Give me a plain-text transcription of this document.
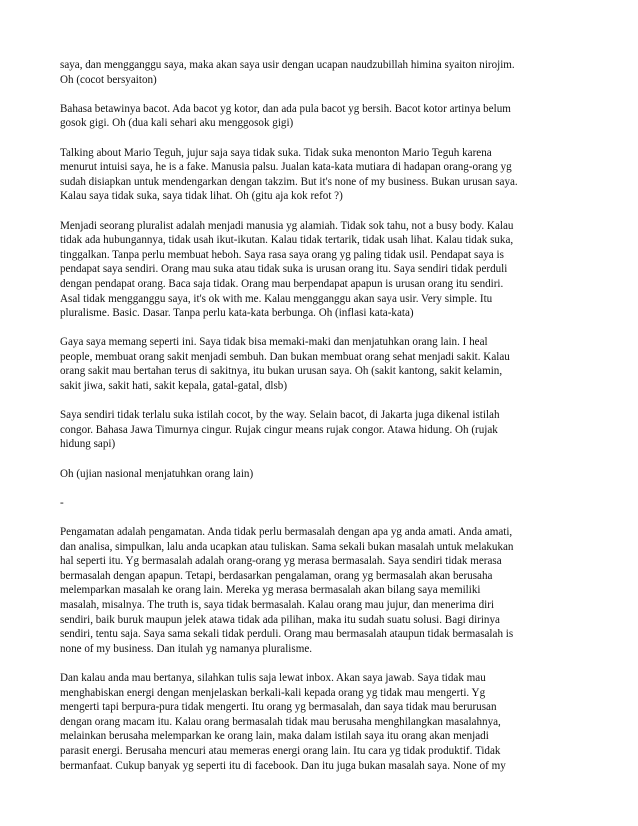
saya, dan mengganggu saya, maka akan saya usir dengan ucapan naudzubillah himina syaiton nirojim.
Oh (cocot bersyaiton)

Bahasa betawinya bacot. Ada bacot yg kotor, dan ada pula bacot yg bersih. Bacot kotor artinya belum
gosok gigi. Oh (dua kali sehari aku menggosok gigi)

Talking about Mario Teguh, jujur saja saya tidak suka. Tidak suka menonton Mario Teguh karena
menurut intuisi saya, he is a fake. Manusia palsu. Jualan kata-kata mutiara di hadapan orang-orang yg
sudah disiapkan untuk mendengarkan dengan takzim. But it's none of my business. Bukan urusan saya.
Kalau saya tidak suka, saya tidak lihat. Oh (gitu aja kok refot ?)

Menjadi seorang pluralist adalah menjadi manusia yg alamiah. Tidak sok tahu, not a busy body. Kalau
tidak ada hubungannya, tidak usah ikut-ikutan. Kalau tidak tertarik, tidak usah lihat. Kalau tidak suka,
tinggalkan. Tanpa perlu membuat heboh. Saya rasa saya orang yg paling tidak usil. Pendapat saya is
pendapat saya sendiri. Orang mau suka atau tidak suka is urusan orang itu. Saya sendiri tidak perduli
dengan pendapat orang. Baca saja tidak. Orang mau berpendapat apapun is urusan orang itu sendiri.
Asal tidak mengganggu saya, it's ok with me. Kalau mengganggu akan saya usir. Very simple. Itu
pluralisme. Basic. Dasar. Tanpa perlu kata-kata berbunga. Oh (inflasi kata-kata)

Gaya saya memang seperti ini. Saya tidak bisa memaki-maki dan menjatuhkan orang lain. I heal
people, membuat orang sakit menjadi sembuh. Dan bukan membuat orang sehat menjadi sakit. Kalau
orang sakit mau bertahan terus di sakitnya, itu bukan urusan saya. Oh (sakit kantong, sakit kelamin,
sakit jiwa, sakit hati, sakit kepala, gatal-gatal, dlsb)

Saya sendiri tidak terlalu suka istilah cocot, by the way. Selain bacot, di Jakarta juga dikenal istilah
congor. Bahasa Jawa Timurnya cingur. Rujak cingur means rujak congor. Atawa hidung. Oh (rujak
hidung sapi)

Oh (ujian nasional menjatuhkan orang lain)

-

Pengamatan adalah pengamatan. Anda tidak perlu bermasalah dengan apa yg anda amati. Anda amati,
dan analisa, simpulkan, lalu anda ucapkan atau tuliskan. Sama sekali bukan masalah untuk melakukan
hal seperti itu. Yg bermasalah adalah orang-orang yg merasa bermasalah. Saya sendiri tidak merasa
bermasalah dengan apapun. Tetapi, berdasarkan pengalaman, orang yg bermasalah akan berusaha
melemparkan masalah ke orang lain. Mereka yg merasa bermasalah akan bilang saya memiliki
masalah, misalnya. The truth is, saya tidak bermasalah. Kalau orang mau jujur, dan menerima diri
sendiri, baik buruk maupun jelek atawa tidak ada pilihan, maka itu sudah suatu solusi. Bagi dirinya
sendiri, tentu saja. Saya sama sekali tidak perduli. Orang mau bermasalah ataupun tidak bermasalah is
none of my business. Dan itulah yg namanya pluralisme.

Dan kalau anda mau bertanya, silahkan tulis saja lewat inbox. Akan saya jawab. Saya tidak mau
menghabiskan energi dengan menjelaskan berkali-kali kepada orang yg tidak mau mengerti. Yg
mengerti tapi berpura-pura tidak mengerti. Itu orang yg bermasalah, dan saya tidak mau berurusan
dengan orang macam itu. Kalau orang bermasalah tidak mau berusaha menghilangkan masalahnya,
melainkan berusaha melemparkan ke orang lain, maka dalam istilah saya itu orang akan menjadi
parasit energi. Berusaha mencuri atau memeras energi orang lain. Itu cara yg tidak produktif. Tidak
bermanfaat. Cukup banyak yg seperti itu di facebook. Dan itu juga bukan masalah saya. None of my
